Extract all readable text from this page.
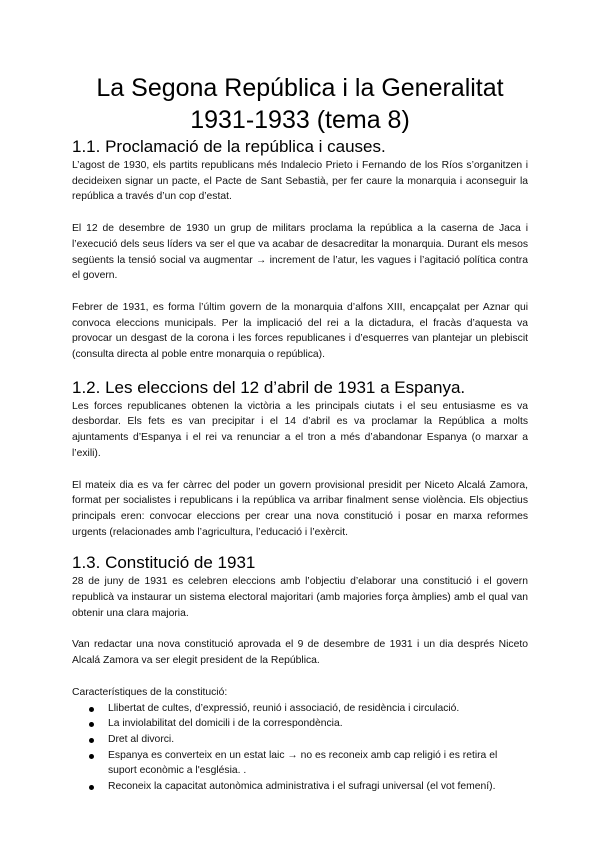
La Segona República i la Generalitat
1931-1933 (tema 8)
1.1. Proclamació de la república i causes.

L’agost de 1930, els partits republicans més Indalecio Prieto i Fernando de los Ríos s’organitzen i decideixen signar un pacte, el Pacte de Sant Sebastià, per fer caure la monarquia i aconseguir la república a través d’un cop d’estat.

El 12 de desembre de 1930 un grup de militars proclama la república a la caserna de Jaca i l’execució dels seus líders va ser el que va acabar de desacreditar la monarquia. Durant els mesos següents la tensió social va augmentar → increment de l’atur, les vagues i l’agitació política contra el govern.

Febrer de 1931, es forma l’últim govern de la monarquia d’alfons XIII, encapçalat per Aznar qui convoca eleccions municipals. Per la implicació del rei a la dictadura, el fracàs d’aquesta va provocar un desgast de la corona i les forces republicanes i d’esquerres van plantejar un plebiscit (consulta directa al poble entre monarquia o república).

1.2. Les eleccions del 12 d’abril de 1931 a Espanya.

Les forces republicanes obtenen la victòria a les principals ciutats i el seu entusiasme es va desbordar. Els fets es van precipitar i el 14 d’abril es va proclamar la República a molts ajuntaments d’Espanya i el rei va renunciar a el tron a més d’abandonar Espanya (o marxar a l’exili).

El mateix dia es va fer càrrec del poder un govern provisional presidit per Niceto Alcalá Zamora, format per socialistes i republicans i la república va arribar finalment sense violència. Els objectius principals eren: convocar eleccions per crear una nova constitució i posar en marxa reformes urgents (relacionades amb l’agricultura, l’educació i l’exèrcit.

1.3. Constitució de 1931

28 de juny de 1931 es celebren eleccions amb l’objectiu d’elaborar una constitució i el govern republicà va instaurar un sistema electoral majoritari (amb majories força àmplies) amb el qual van obtenir una clara majoria.

Van redactar una nova constitució aprovada el 9 de desembre de 1931 i un dia després Niceto Alcalá Zamora va ser elegit president de la República.

Característiques de la constitució:

Llibertat de cultes, d’expressió, reunió i associació, de residència i circulació.
La inviolabilitat del domicili i de la correspondència.
Dret al divorci.
Espanya es converteix en un estat laic → no es reconeix amb cap religió i es retira el suport econòmic a l'església. .
Reconeix la capacitat autonòmica administrativa i el sufragi universal (el vot femení).
